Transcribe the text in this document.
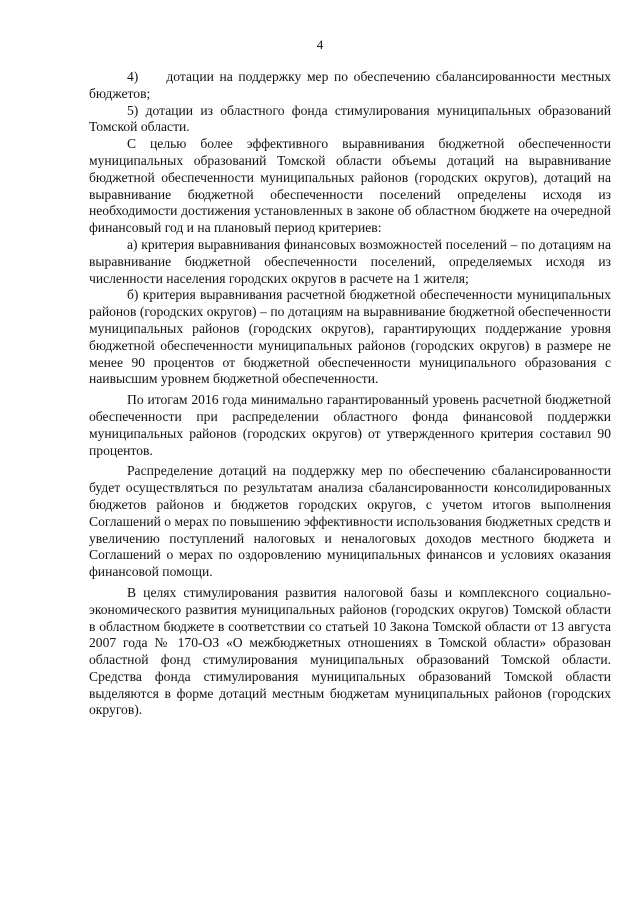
4

4)     дотации на поддержку мер по обеспечению сбалансированности местных бюджетов;

5) дотации из областного фонда стимулирования муниципальных образований Томской области.

С целью более эффективного выравнивания бюджетной обеспеченности муниципальных образований Томской области объемы дотаций на выравнивание бюджетной обеспеченности муниципальных районов (городских округов), дотаций на выравнивание бюджетной обеспеченности поселений определены исходя из необходимости достижения установленных в законе об областном бюджете на очередной финансовый год и на плановый период критериев:

а) критерия выравнивания финансовых возможностей поселений – по дотациям на выравнивание бюджетной обеспеченности поселений, определяемых исходя из численности населения городских округов в расчете на 1 жителя;

б) критерия выравнивания расчетной бюджетной обеспеченности муниципальных районов (городских округов) – по дотациям на выравнивание бюджетной обеспеченности муниципальных районов (городских округов), гарантирующих поддержание уровня бюджетной обеспеченности муниципальных районов (городских округов) в размере не менее 90 процентов от бюджетной обеспеченности муниципального образования с наивысшим уровнем бюджетной обеспеченности.

По итогам 2016 года минимально гарантированный уровень расчетной бюджетной обеспеченности при распределении областного фонда финансовой поддержки муниципальных районов (городских округов) от утвержденного критерия составил 90 процентов.

Распределение дотаций на поддержку мер по обеспечению сбалансированности будет осуществляться по результатам анализа сбалансированности консолидированных бюджетов районов и бюджетов городских округов, с учетом итогов выполнения Соглашений о мерах по повышению эффективности использования бюджетных средств и увеличению поступлений налоговых и неналоговых доходов местного бюджета и Соглашений о мерах по оздоровлению муниципальных финансов и условиях оказания финансовой помощи.

В целях стимулирования развития налоговой базы и комплексного социально-экономического развития муниципальных районов (городских округов) Томской области в областном бюджете в соответствии со статьей 10 Закона Томской области от 13 августа 2007 года № 170-ОЗ «О межбюджетных отношениях в Томской области» образован областной фонд стимулирования муниципальных образований Томской области. Средства фонда стимулирования муниципальных образований Томской области выделяются в форме дотаций местным бюджетам муниципальных районов (городских округов).
